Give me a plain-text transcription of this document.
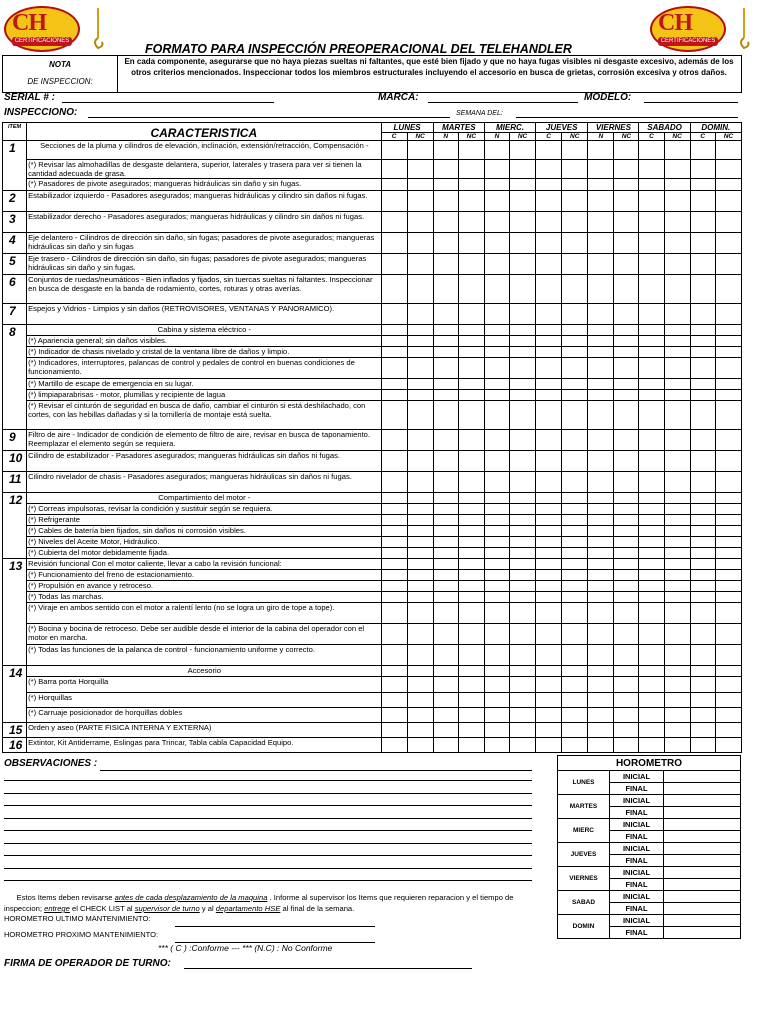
CH
CERTIFICACIONES
CH
CERTIFICACIONES
FORMATO PARA INSPECCIÓN PREOPERACIONAL DEL TELEHANDLER
NOTA
DE INSPECCION:
En cada componente, asegurarse que no haya piezas sueltas ni faltantes, que esté bien fijado y que no haya fugas visibles ni desgaste excesivo, además de los otros criterios mencionados. Inspeccionar todos los miembros estructurales incluyendo el accesorio en busca de grietas, corrosión excesiva y otros daños.
SERIAL # :	MARCA:	MODELO:
INSPECCIONO:	SEMANA DEL:
ITEM	CARACTERISTICA	LUNES		MARTES		MIERC.		JUEVES		VIERNES		SABADO		DOMIN.	
		C	NC	N	NC	N	NC	C	NC	N	NC	C	NC	C	NC
1	Secciones de la pluma y cilindros de elevación, inclinación, extensión/retracción, Compensación -														
	(*) Revisar las almohadillas de desgaste delantera, superior, laterales y trasera para ver si tienen la cantidad adecuada de grasa.														
	(*) Pasadores de pivote asegurados; mangueras hidráulicas sin daño y sin fugas.														
2	Estabilizador izquierdo - Pasadores asegurados; mangueras hidráulicas y cilindro sin daños ni fugas.														
3	Estabilizador derecho - Pasadores asegurados; mangueras hidráulicas y cilindro sin daños ni fugas.														
4	Eje delantero - Cilindros de dirección sin daño, sin fugas; pasadores de pivote asegurados; mangueras hidráulicas sin daño y sin fugas														
5	Eje trasero - Cilindros de dirección sin daño, sin fugas; pasadores de pivote asegurados; mangueras hidráulicas sin daño y sin fugas.														
6	Conjuntos de ruedas/neumáticos - Bien inflados y fijados, sin tuercas sueltas ni faltantes. Inspeccionar en busca de desgaste en la banda de rodamiento, cortes, roturas y otras averías.														
7	Espejos y Vidrios - Limpios y sin daños (RETROVISORES, VENTANAS Y PANORAMICO).														
8	Cabina y sistema eléctrico -														
	(*) Apariencia general; sin daños visibles.														
	(*) Indicador de chasis nivelado y cristal de la ventana libre de daños y limpio.														
	(*) Indicadores, interruptores, palancas de control y pedales de control en buenas condiciones de funcionamiento.														
	(*) Martillo de escape de emergencia en su lugar.														
	(*) limpiaparabrisas - motor, plumillas y recipiente de lagua														
	(*) Revisar el cinturón de seguridad en busca de daño, cambiar el cinturón si está deshilachado, con cortes, con las hebillas dañadas y si la tornillería de montaje está suelta.														
9	Filtro de aire - Indicador de condición de elemento de filtro de aire, revisar en busca de taponamiento. Reemplazar el elemento según se requiera.														
10	Cilindro de estabilizador - Pasadores asegurados; mangueras hidráulicas sin daños ni fugas.														
11	Cilindro nivelador de chasis - Pasadores asegurados; mangueras hidráulicas sin daños ni fugas.														
12	Compartimiento del motor -														
	(*) Correas impulsoras, revisar la condición y sustituir según se requiera.														
	(*) Refrigerante														
	(*) Cables de batería bien fijados, sin daños ni corrosión visibles.														
	(*) Niveles del Aceite Motor, Hidráulico.														
	(*) Cubierta del motor debidamente fijada.														
13	Revisión funcional Con el motor caliente, llevar a cabo la revisión funcional:														
	(*) Funcionamiento del freno de estacionamiento.														
	(*) Propulsión en avance y retroceso.														
	(*) Todas las marchas.														
	(*) Viraje en ambos sentido con el motor a ralentí lento (no se logra un giro de tope a tope).														
	(*) Bocina y bocina de retroceso. Debe ser audible desde el interior de la cabina del operador con el motor en marcha.														
	(*) Todas las funciones de la palanca de control - funcionamiento uniforme y correcto.														
14	Accesorio														
	(*) Barra porta Horquilla														
	(*) Horquillas														
	(*) Carruaje posicionador de horquillas dobles														
15	Orden y aseo (PARTE FISICA INTERNA Y EXTERNA)														
16	Extintor, Kit Antiderrame, Eslingas para Trincar, Tabla cabla Capacidad Equipo.														
OBSERVACIONES :	HOROMETRO		
LUNES	INICIAL	
	FINAL	
MARTES	INICIAL	
	FINAL	
MIERC	INICIAL	
	FINAL	
JUEVES	INICIAL	
	FINAL	
VIERNES	INICIAL	
	FINAL	
SABAD	INICIAL	
	FINAL	
DOMIN	INICIAL	
	FINAL	
Estos Items deben revisarse antes de cada desplazamiento de la maquina . Informe al supervisor los Items que requieren reparacion y el tiempo de inspeccion; entrege el CHECK LIST al supervisor de turno y al departamento HSE al final de la semana.
HOROMETRO ULTIMO MANTENIMIENTO:
HOROMETRO PROXIMO MANTENIMIENTO:
*** ( C ) :Conforme --- *** (N.C) : No Conforme
FIRMA DE OPERADOR DE TURNO:
